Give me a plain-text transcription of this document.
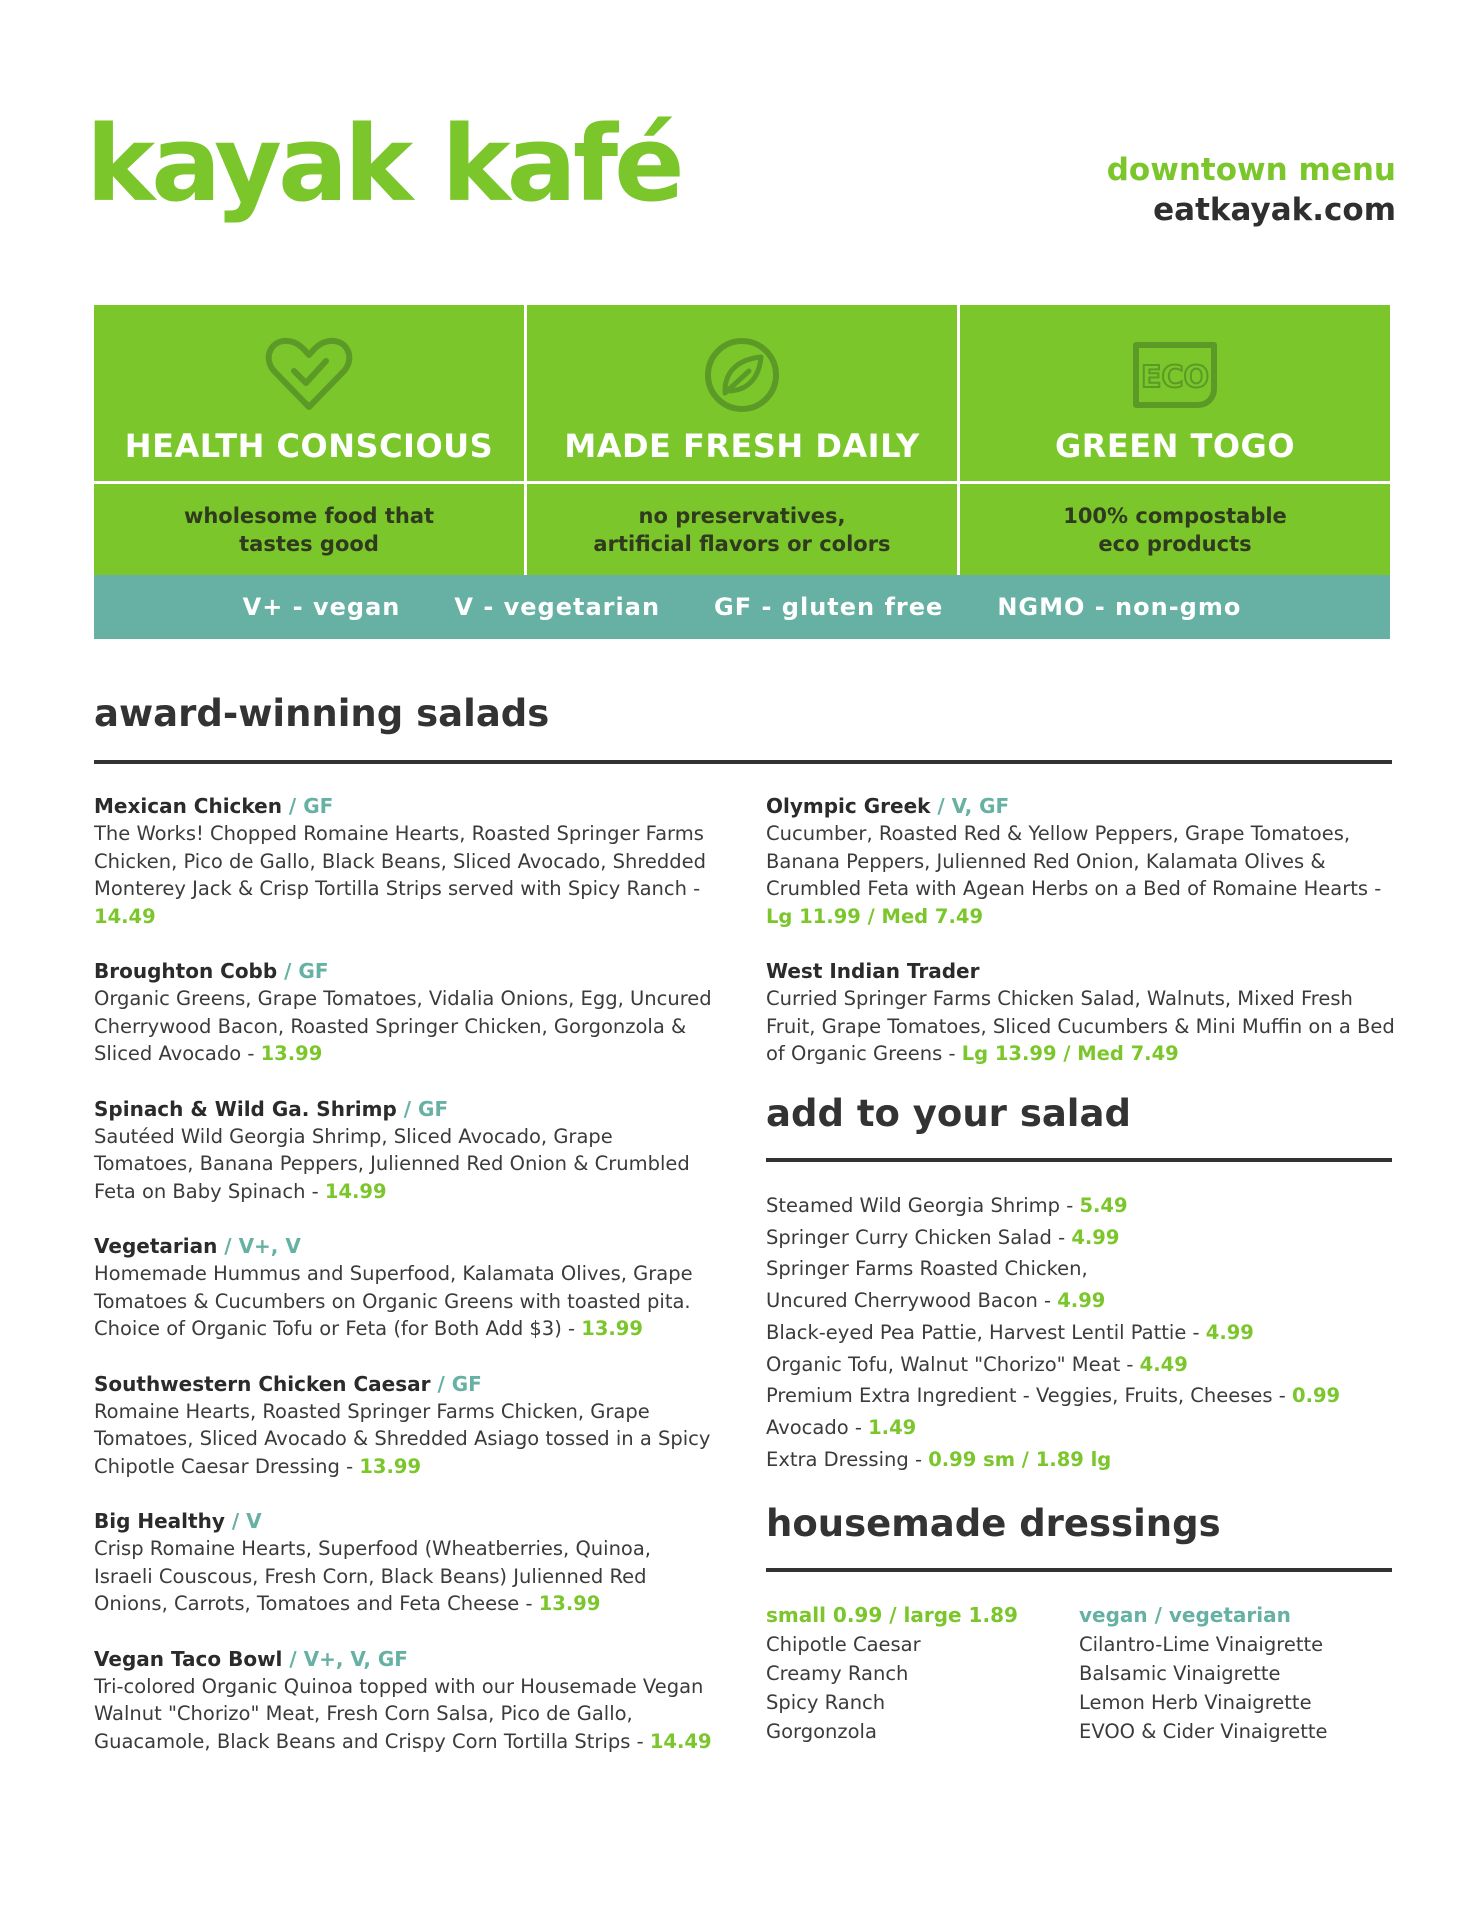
kayak kafé	downtown menu
eatkayak.com
HEALTH CONSCIOUS	MADE FRESH DAILY
ECO
GREEN TOGO
wholesome food that
tastes good
no preservatives,
artificial flavors or colors
100% compostable
eco products
V+ - vegan V - vegetarian GF - gluten free NGMO - non-gmo
award-winning salads
Mexican Chicken / GF
The Works! Chopped Romaine Hearts, Roasted Springer Farms Chicken, Pico de Gallo, Black Beans, Sliced Avocado, Shredded Monterey Jack & Crisp Tortilla Strips served with Spicy Ranch - 14.49
Broughton Cobb / GF
Organic Greens, Grape Tomatoes, Vidalia Onions, Egg, Uncured Cherrywood Bacon, Roasted Springer Chicken, Gorgonzola & Sliced Avocado - 13.99
Spinach & Wild Ga. Shrimp / GF
Sautéed Wild Georgia Shrimp, Sliced Avocado, Grape Tomatoes, Banana Peppers, Julienned Red Onion & Crumbled Feta on Baby Spinach - 14.99
Vegetarian / V+, V
Homemade Hummus and Superfood, Kalamata Olives, Grape Tomatoes & Cucumbers on Organic Greens with toasted pita. Choice of Organic Tofu or Feta (for Both Add $3) - 13.99
Southwestern Chicken Caesar / GF
Romaine Hearts, Roasted Springer Farms Chicken, Grape Tomatoes, Sliced Avocado & Shredded Asiago tossed in a Spicy Chipotle Caesar Dressing - 13.99
Big Healthy / V
Crisp Romaine Hearts, Superfood (Wheatberries, Quinoa, Israeli Couscous, Fresh Corn, Black Beans) Julienned Red Onions, Carrots, Tomatoes and Feta Cheese - 13.99
Vegan Taco Bowl / V+, V, GF
Tri-colored Organic Quinoa topped with our Housemade Vegan Walnut "Chorizo" Meat, Fresh Corn Salsa, Pico de Gallo, Guacamole, Black Beans and Crispy Corn Tortilla Strips - 14.49
Olympic Greek / V, GF
Cucumber, Roasted Red & Yellow Peppers, Grape Tomatoes, Banana Peppers, Julienned Red Onion, Kalamata Olives & Crumbled Feta with Agean Herbs on a Bed of Romaine Hearts - Lg 11.99 / Med 7.49
West Indian Trader
Curried Springer Farms Chicken Salad, Walnuts, Mixed Fresh Fruit, Grape Tomatoes, Sliced Cucumbers & Mini Muffin on a Bed of Organic Greens - Lg 13.99 / Med 7.49
add to your salad
Steamed Wild Georgia Shrimp - 5.49
Springer Curry Chicken Salad - 4.99
Springer Farms Roasted Chicken,
Uncured Cherrywood Bacon - 4.99
Black-eyed Pea Pattie, Harvest Lentil Pattie - 4.99
Organic Tofu, Walnut "Chorizo" Meat - 4.49
Premium Extra Ingredient - Veggies, Fruits, Cheeses - 0.99
Avocado - 1.49
Extra Dressing - 0.99 sm / 1.89 lg
housemade dressings
small 0.99 / large 1.89
Chipotle Caesar
Creamy Ranch
Spicy Ranch
Gorgonzola
vegan / vegetarian
Cilantro-Lime Vinaigrette
Balsamic Vinaigrette
Lemon Herb Vinaigrette
EVOO & Cider Vinaigrette
